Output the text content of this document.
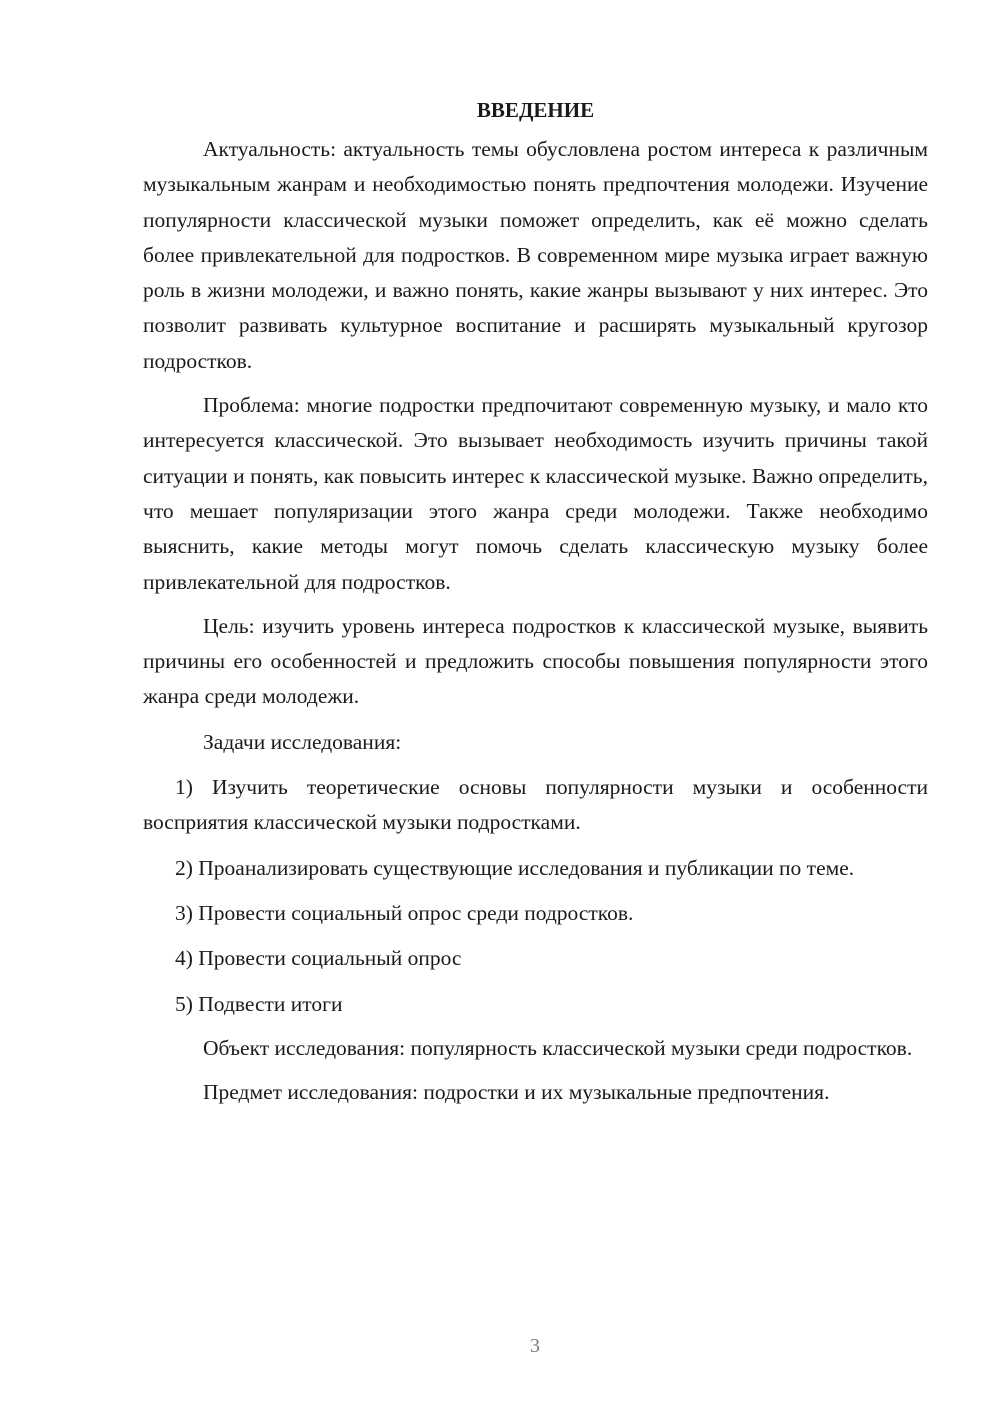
ВВЕДЕНИЕ

Актуальность: актуальность темы обусловлена ростом интереса к различным музыкальным жанрам и необходимостью понять предпочтения молодежи. Изучение популярности классической музыки поможет определить, как её можно сделать более привлекательной для подростков. В современном мире музыка играет важную роль в жизни молодежи, и важно понять, какие жанры вызывают у них интерес. Это позволит развивать культурное воспитание и расширять музыкальный кругозор подростков.

Проблема: многие подростки предпочитают современную музыку, и мало кто интересуется классической. Это вызывает необходимость изучить причины такой ситуации и понять, как повысить интерес к классической музыке. Важно определить, что мешает популяризации этого жанра среди молодежи. Также необходимо выяснить, какие методы могут помочь сделать классическую музыку более привлекательной для подростков.

Цель: изучить уровень интереса подростков к классической музыке, выявить причины его особенностей и предложить способы повышения популярности этого жанра среди молодежи.

Задачи исследования:

1) Изучить теоретические основы популярности музыки и особенности восприятия классической музыки подростками.

2) Проанализировать существующие исследования и публикации по теме.

3) Провести социальный опрос среди подростков.

4) Провести социальный опрос

5) Подвести итоги

Объект исследования: популярность классической музыки среди подростков.

Предмет исследования: подростки и их музыкальные предпочтения.

3
